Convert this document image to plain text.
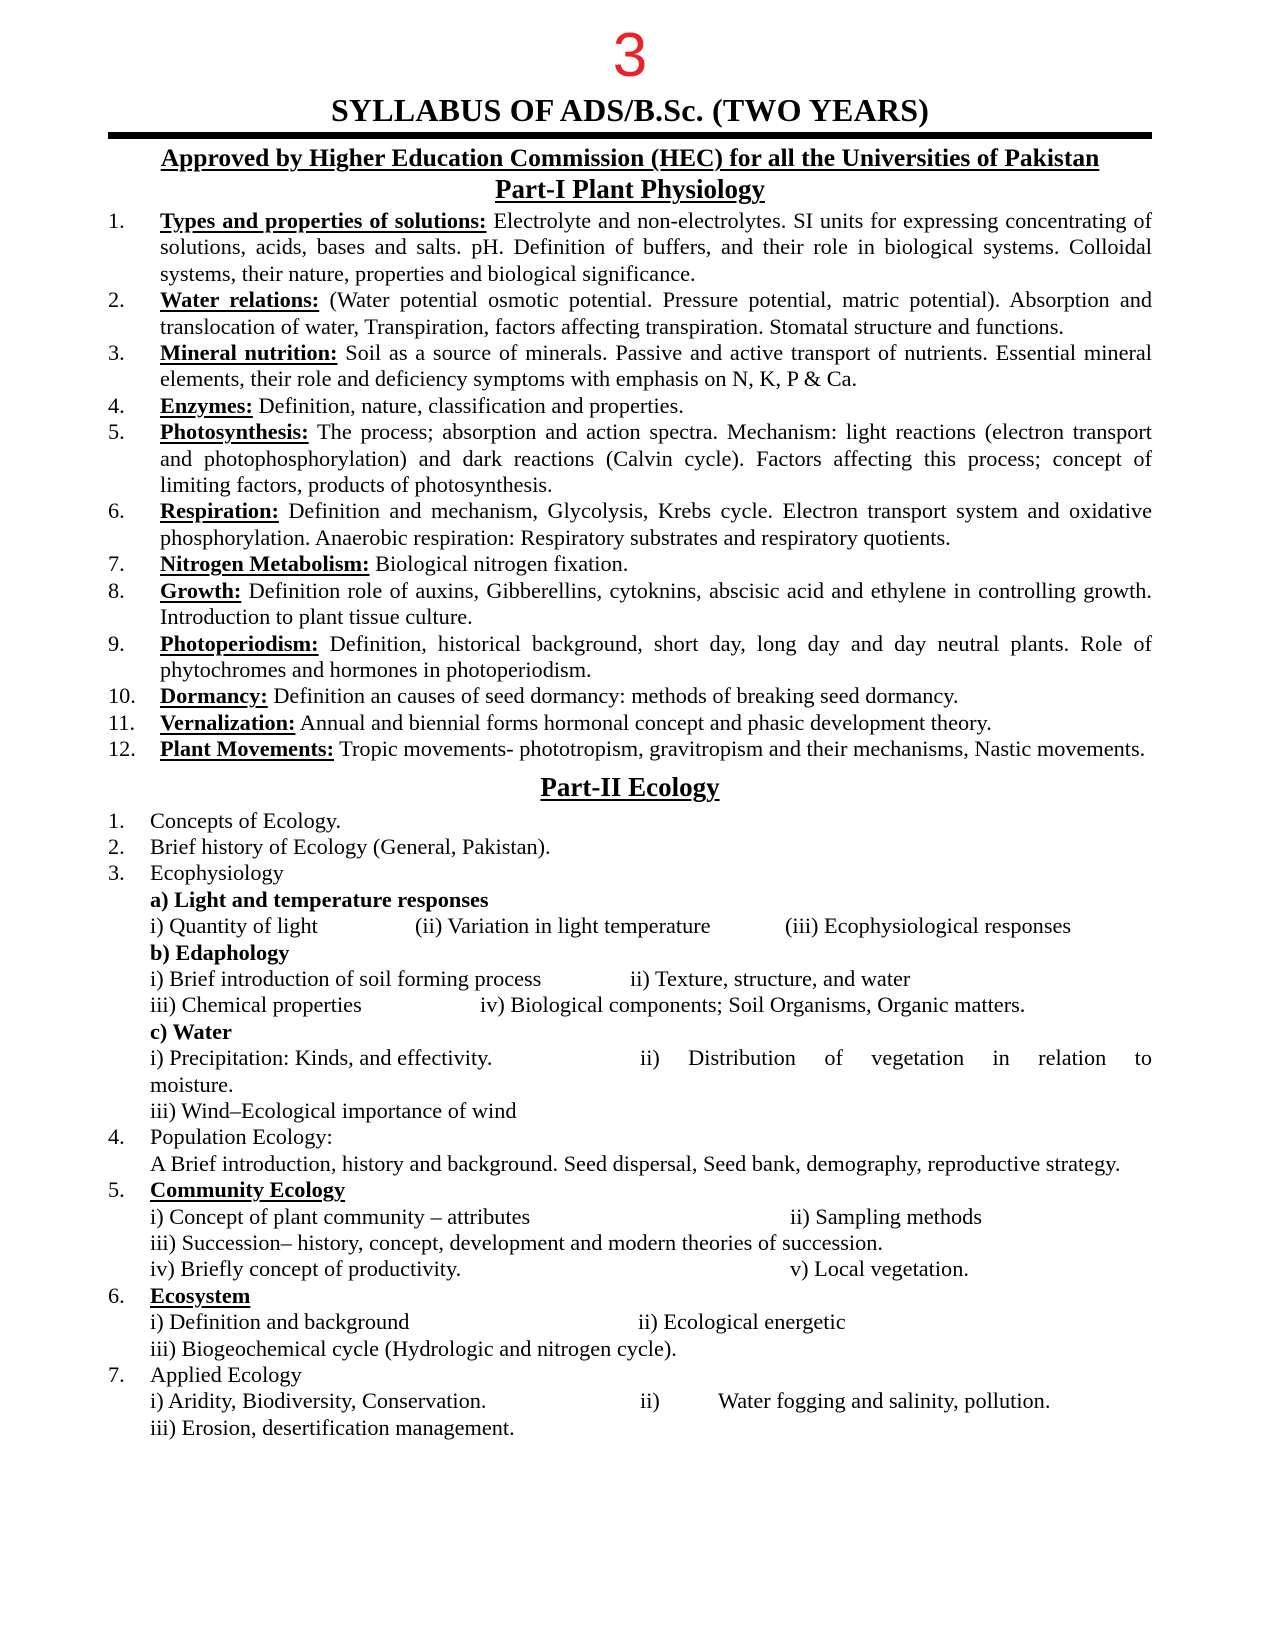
3
SYLLABUS OF ADS/B.Sc. (TWO YEARS)
Approved by Higher Education Commission (HEC) for all the Universities of Pakistan
Part-I Plant Physiology
1.	Types and properties of solutions: Electrolyte and non-electrolytes. SI units for expressing concentrating of solutions, acids, bases and salts. pH. Definition of buffers, and their role in biological systems. Colloidal systems, their nature, properties and biological significance.
2.	Water relations: (Water potential osmotic potential. Pressure potential, matric potential). Absorption and translocation of water, Transpiration, factors affecting transpiration. Stomatal structure and functions.
3.	Mineral nutrition: Soil as a source of minerals. Passive and active transport of nutrients. Essential mineral elements, their role and deficiency symptoms with emphasis on N, K, P & Ca.
4.	Enzymes: Definition, nature, classification and properties.
5.	Photosynthesis: The process; absorption and action spectra. Mechanism: light reactions (electron transport and photophosphorylation) and dark reactions (Calvin cycle). Factors affecting this process; concept of limiting factors, products of photosynthesis.
6.	Respiration: Definition and mechanism, Glycolysis, Krebs cycle. Electron transport system and oxidative phosphorylation. Anaerobic respiration: Respiratory substrates and respiratory quotients.
7.	Nitrogen Metabolism: Biological nitrogen fixation.
8.	Growth: Definition role of auxins, Gibberellins, cytoknins, abscisic acid and ethylene in controlling growth. Introduction to plant tissue culture.
9.	Photoperiodism: Definition, historical background, short day, long day and day neutral plants. Role of phytochromes and hormones in photoperiodism.
10.	Dormancy: Definition an causes of seed dormancy: methods of breaking seed dormancy.
11.	Vernalization: Annual and biennial forms hormonal concept and phasic development theory.
12.	Plant Movements: Tropic movements- phototropism, gravitropism and their mechanisms, Nastic movements.
Part-II Ecology
1.	Concepts of Ecology.
2.	Brief history of Ecology (General, Pakistan).
3.	Ecophysiology
a) Light and temperature responses
i) Quantity of light	(ii) Variation in light temperature	(iii) Ecophysiological responses
b) Edaphology
i) Brief introduction of soil forming process	ii) Texture, structure, and water
iii) Chemical properties	iv) Biological components; Soil Organisms, Organic matters.
c) Water
i) Precipitation: Kinds, and effectivity.	ii) Distribution of vegetation in relation to
moisture.
iii) Wind–Ecological importance of wind
4.	Population Ecology:
A Brief introduction, history and background. Seed dispersal, Seed bank, demography, reproductive strategy.
5.	Community Ecology
i) Concept of plant community – attributes	ii) Sampling methods
iii) Succession– history, concept, development and modern theories of succession.
iv) Briefly concept of productivity.	v) Local vegetation.
6.	Ecosystem
i) Definition and background	ii) Ecological energetic
iii) Biogeochemical cycle (Hydrologic and nitrogen cycle).
7.	Applied Ecology
i) Aridity, Biodiversity, Conservation.	ii)	Water fogging and salinity, pollution.
iii) Erosion, desertification management.
